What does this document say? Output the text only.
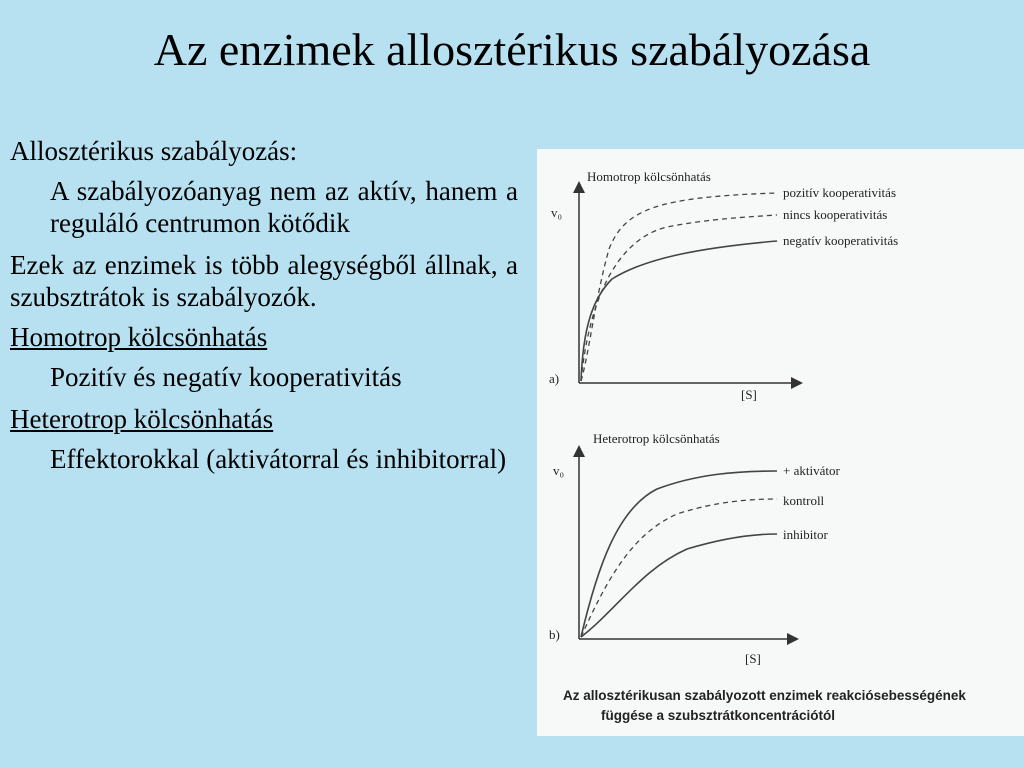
Az enzimek allosztérikus szabályozása

Allosztérikus szabályozás:

A szabályozóanyag nem az aktív, hanem a reguláló centrumon kötődik

Ezek az enzimek is több alegységből állnak, a szubsztrátok is szabályozók.

Homotrop kölcsönhatás

Pozitív és negatív kooperativitás

Heterotrop kölcsönhatás

Effektorokkal (aktivátorral és inhibitorral)

Homotrop kölcsönhatás
v₀
[S]
a)
pozitív kooperativitás
nincs kooperativitás
negatív kooperativitás
Heterotrop kölcsönhatás
v₀
[S]
b)
+ aktivátor
kontroll
inhibitor
Az allosztérikusan szabályozott enzimek reakciósebességének
függése a szubsztrátkoncentrációtól
